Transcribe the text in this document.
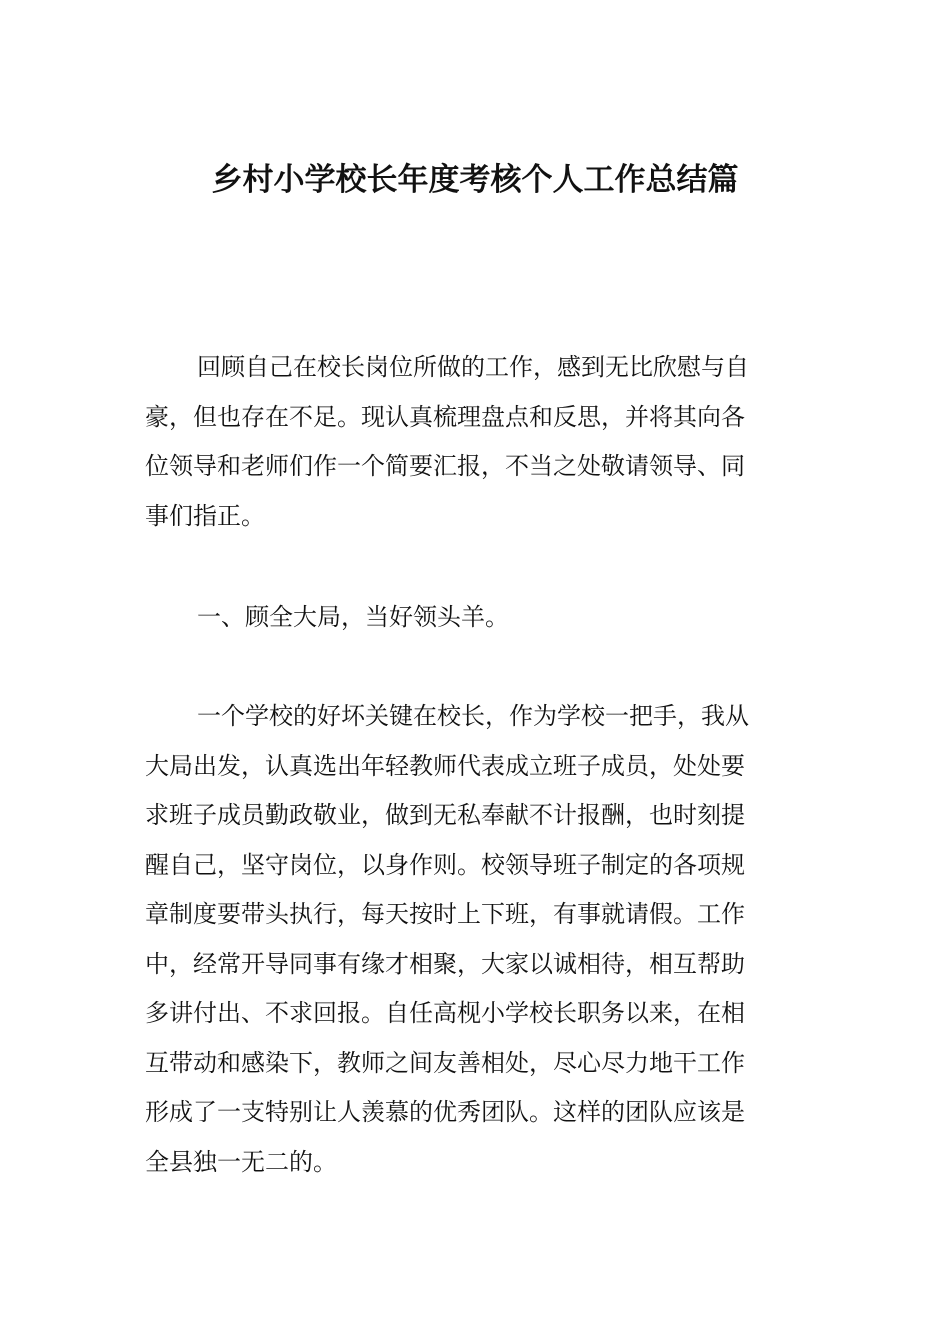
乡村小学校长年度考核个人工作总结篇
回顾自己在校长岗位所做的工作，感到无比欣慰与自
豪，但也存在不足。现认真梳理盘点和反思，并将其向各
位领导和老师们作一个简要汇报，不当之处敬请领导、同
事们指正。
一、顾全大局，当好领头羊。
一个学校的好坏关键在校长，作为学校一把手，我从
大局出发，认真选出年轻教师代表成立班子成员，处处要
求班子成员勤政敬业，做到无私奉献不计报酬，也时刻提
醒自己，坚守岗位，以身作则。校领导班子制定的各项规
章制度要带头执行，每天按时上下班，有事就请假。工作
中，经常开导同事有缘才相聚，大家以诚相待，相互帮助
多讲付出、不求回报。自任高枧小学校长职务以来，在相
互带动和感染下，教师之间友善相处，尽心尽力地干工作
形成了一支特别让人羡慕的优秀团队。这样的团队应该是
全县独一无二的。
